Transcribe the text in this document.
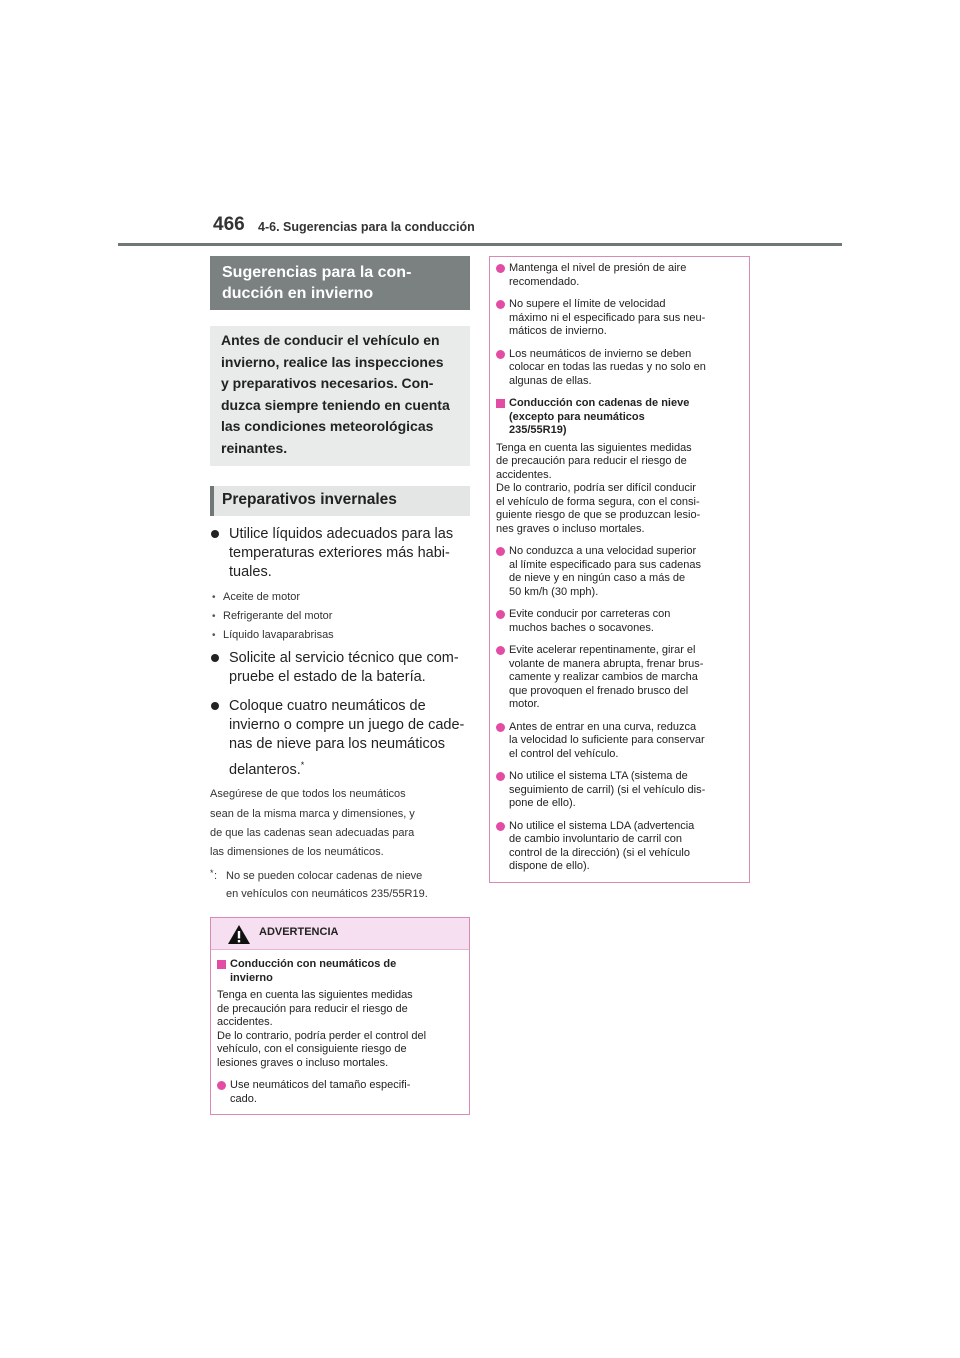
466 4-6. Sugerencias para la conducción
Sugerencias para la con-
ducción en invierno
Antes de conducir el vehículo en
invierno, realice las inspecciones
y preparativos necesarios. Con-
duzca siempre teniendo en cuenta
las condiciones meteorológicas
reinantes.
Preparativos invernales
Utilice líquidos adecuados para las
temperaturas exteriores más habi-
tuales.
• Aceite de motor
• Refrigerante del motor
• Líquido lavaparabrisas
Solicite al servicio técnico que com-
pruebe el estado de la batería.
Coloque cuatro neumáticos de
invierno o compre un juego de cade-
nas de nieve para los neumáticos
delanteros.*
Asegúrese de que todos los neumáticos
sean de la misma marca y dimensiones, y
de que las cadenas sean adecuadas para
las dimensiones de los neumáticos.
* : No se pueden colocar cadenas de nieve
en vehículos con neumáticos 235/55R19.
ADVERTENCIA
Conducción con neumáticos de
invierno
Tenga en cuenta las siguientes medidas
de precaución para reducir el riesgo de
accidentes.
De lo contrario, podría perder el control del
vehículo, con el consiguiente riesgo de
lesiones graves o incluso mortales.
Use neumáticos del tamaño especifi-
cado.
Mantenga el nivel de presión de aire
recomendado.
No supere el límite de velocidad
máximo ni el especificado para sus neu-
máticos de invierno.
Los neumáticos de invierno se deben
colocar en todas las ruedas y no solo en
algunas de ellas.
Conducción con cadenas de nieve
(excepto para neumáticos
235/55R19)
Tenga en cuenta las siguientes medidas
de precaución para reducir el riesgo de
accidentes.
De lo contrario, podría ser difícil conducir
el vehículo de forma segura, con el consi-
guiente riesgo de que se produzcan lesio-
nes graves o incluso mortales.
No conduzca a una velocidad superior
al límite especificado para sus cadenas
de nieve y en ningún caso a más de
50 km/h (30 mph).
Evite conducir por carreteras con
muchos baches o socavones.
Evite acelerar repentinamente, girar el
volante de manera abrupta, frenar brus-
camente y realizar cambios de marcha
que provoquen el frenado brusco del
motor.
Antes de entrar en una curva, reduzca
la velocidad lo suficiente para conservar
el control del vehículo.
No utilice el sistema LTA (sistema de
seguimiento de carril) (si el vehículo dis-
pone de ello).
No utilice el sistema LDA (advertencia
de cambio involuntario de carril con
control de la dirección) (si el vehículo
dispone de ello).
